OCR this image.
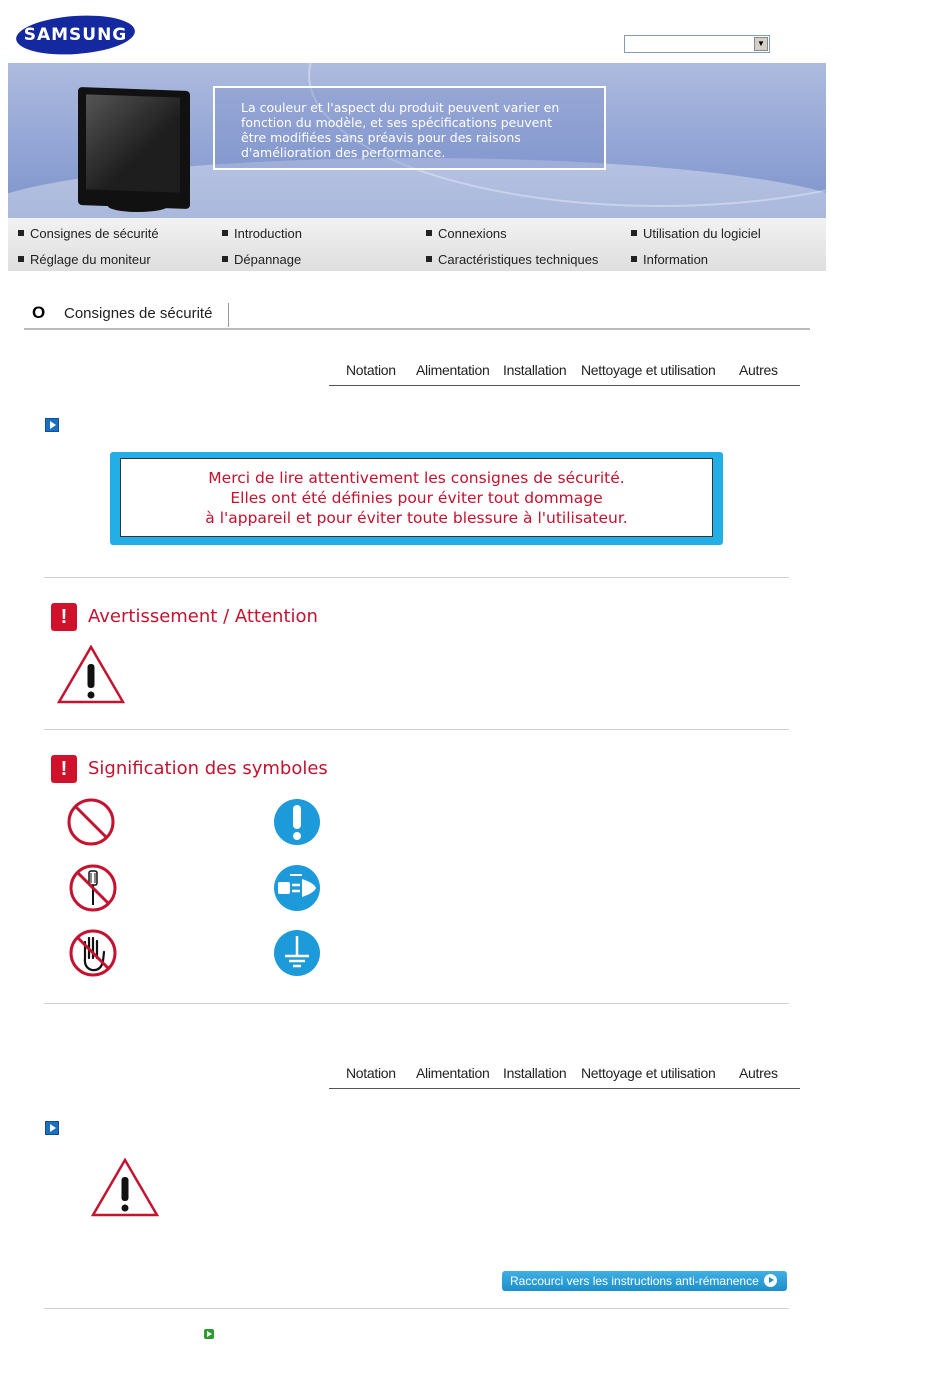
SAMSUNG	▼
La couleur et l'aspect du produit peuvent varier en
fonction du modèle, et ses spécifications peuvent
être modifiées sans préavis pour des raisons
d'amélioration des performance.
Consignes de sécurité	Introduction	Connexions	Utilisation du logiciel
Réglage du moniteur	Dépannage	Caractéristiques techniques	Information
O Consignes de sécurité
Notation Alimentation Installation Nettoyage et utilisation Autres
Merci de lire attentivement les consignes de sécurité.
Elles ont été définies pour éviter tout dommage
à l'appareil et pour éviter toute blessure à l'utilisateur.
!	Avertissement / Attention
!	Signification des symboles
Notation Alimentation Installation Nettoyage et utilisation Autres
Raccourci vers les instructions anti-rémanence
